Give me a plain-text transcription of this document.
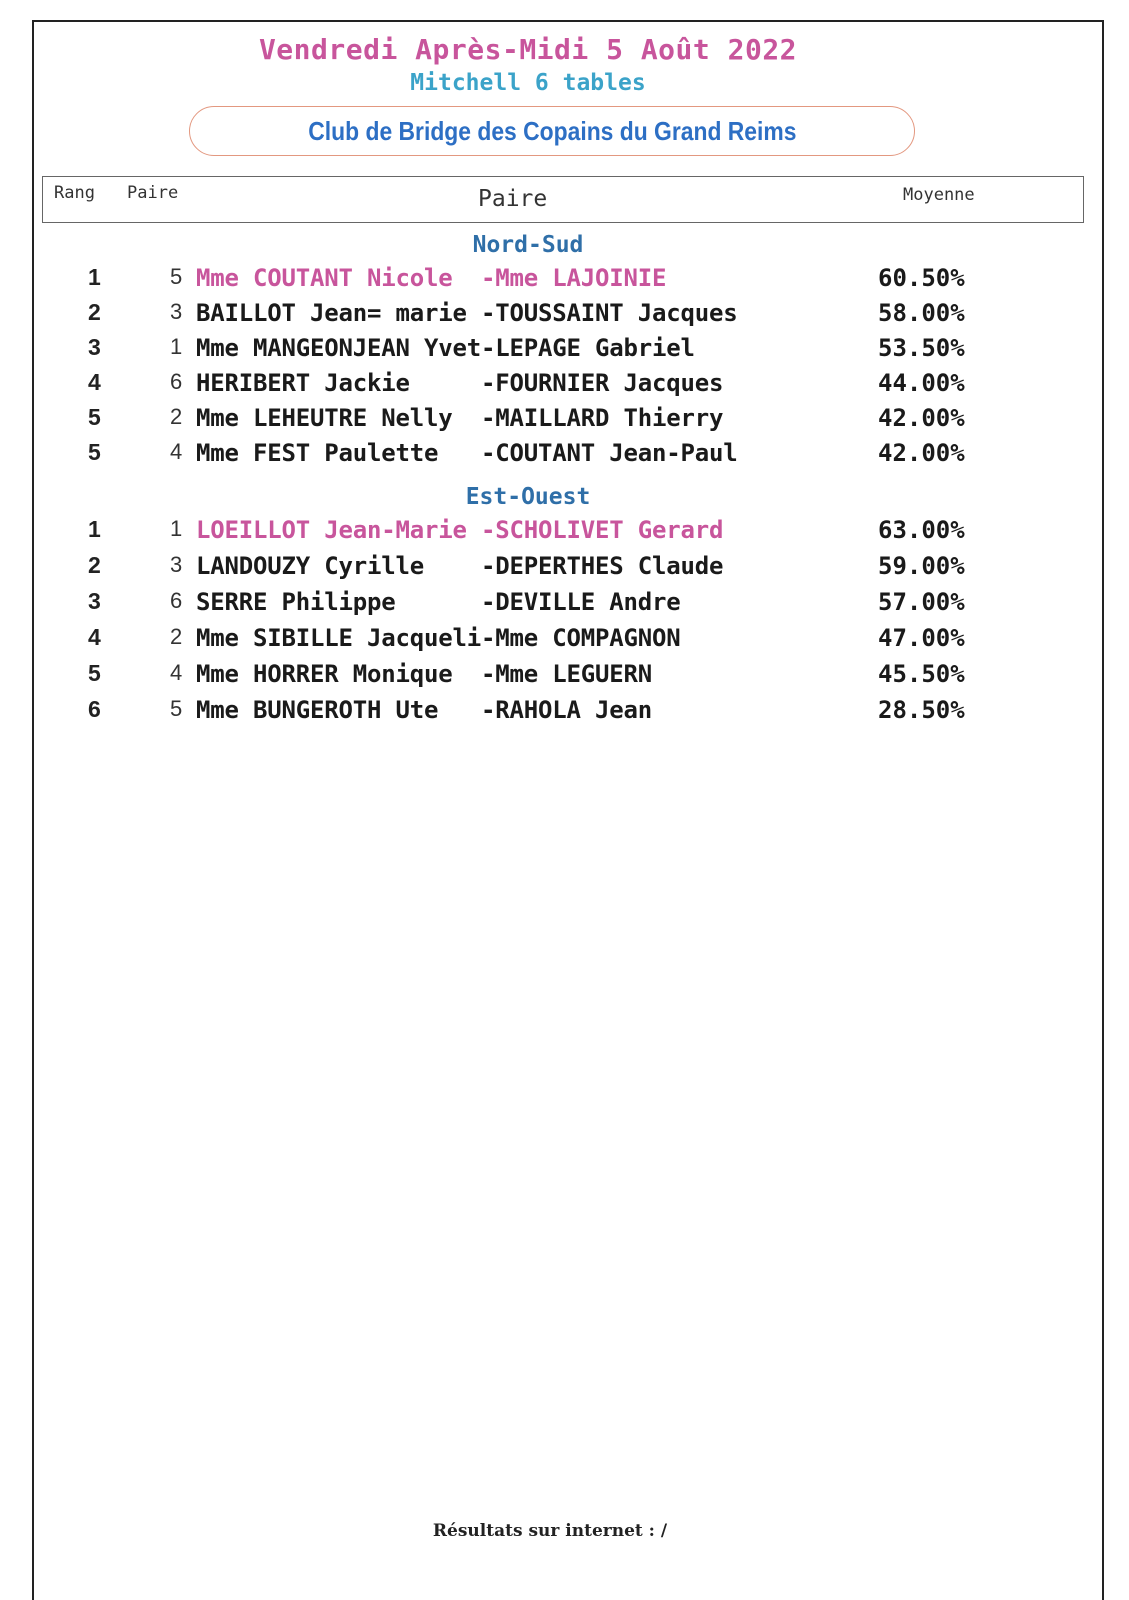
Vendredi Après-Midi 5 Août 2022
Mitchell 6 tables
Club de Bridge des Copains du Grand Reims
Rang Paire	Paire	Moyenne
Nord-Sud
1	5 Mme COUTANT Nicole  -Mme LAJOINIE	60.50%
2	3 BAILLOT Jean= marie -TOUSSAINT Jacques	58.00%
3	1 Mme MANGEONJEAN Yvet-LEPAGE Gabriel	53.50%
4	6 HERIBERT Jackie     -FOURNIER Jacques	44.00%
5	2 Mme LEHEUTRE Nelly  -MAILLARD Thierry	42.00%
5	4 Mme FEST Paulette   -COUTANT Jean-Paul	42.00%
Est-Ouest
1	1 LOEILLOT Jean-Marie -SCHOLIVET Gerard	63.00%
2	3 LANDOUZY Cyrille    -DEPERTHES Claude	59.00%
3	6 SERRE Philippe      -DEVILLE Andre	57.00%
4	2 Mme SIBILLE Jacqueli-Mme COMPAGNON	47.00%
5	4 Mme HORRER Monique  -Mme LEGUERN	45.50%
6	5 Mme BUNGEROTH Ute   -RAHOLA Jean	28.50%
Résultats sur internet : /
